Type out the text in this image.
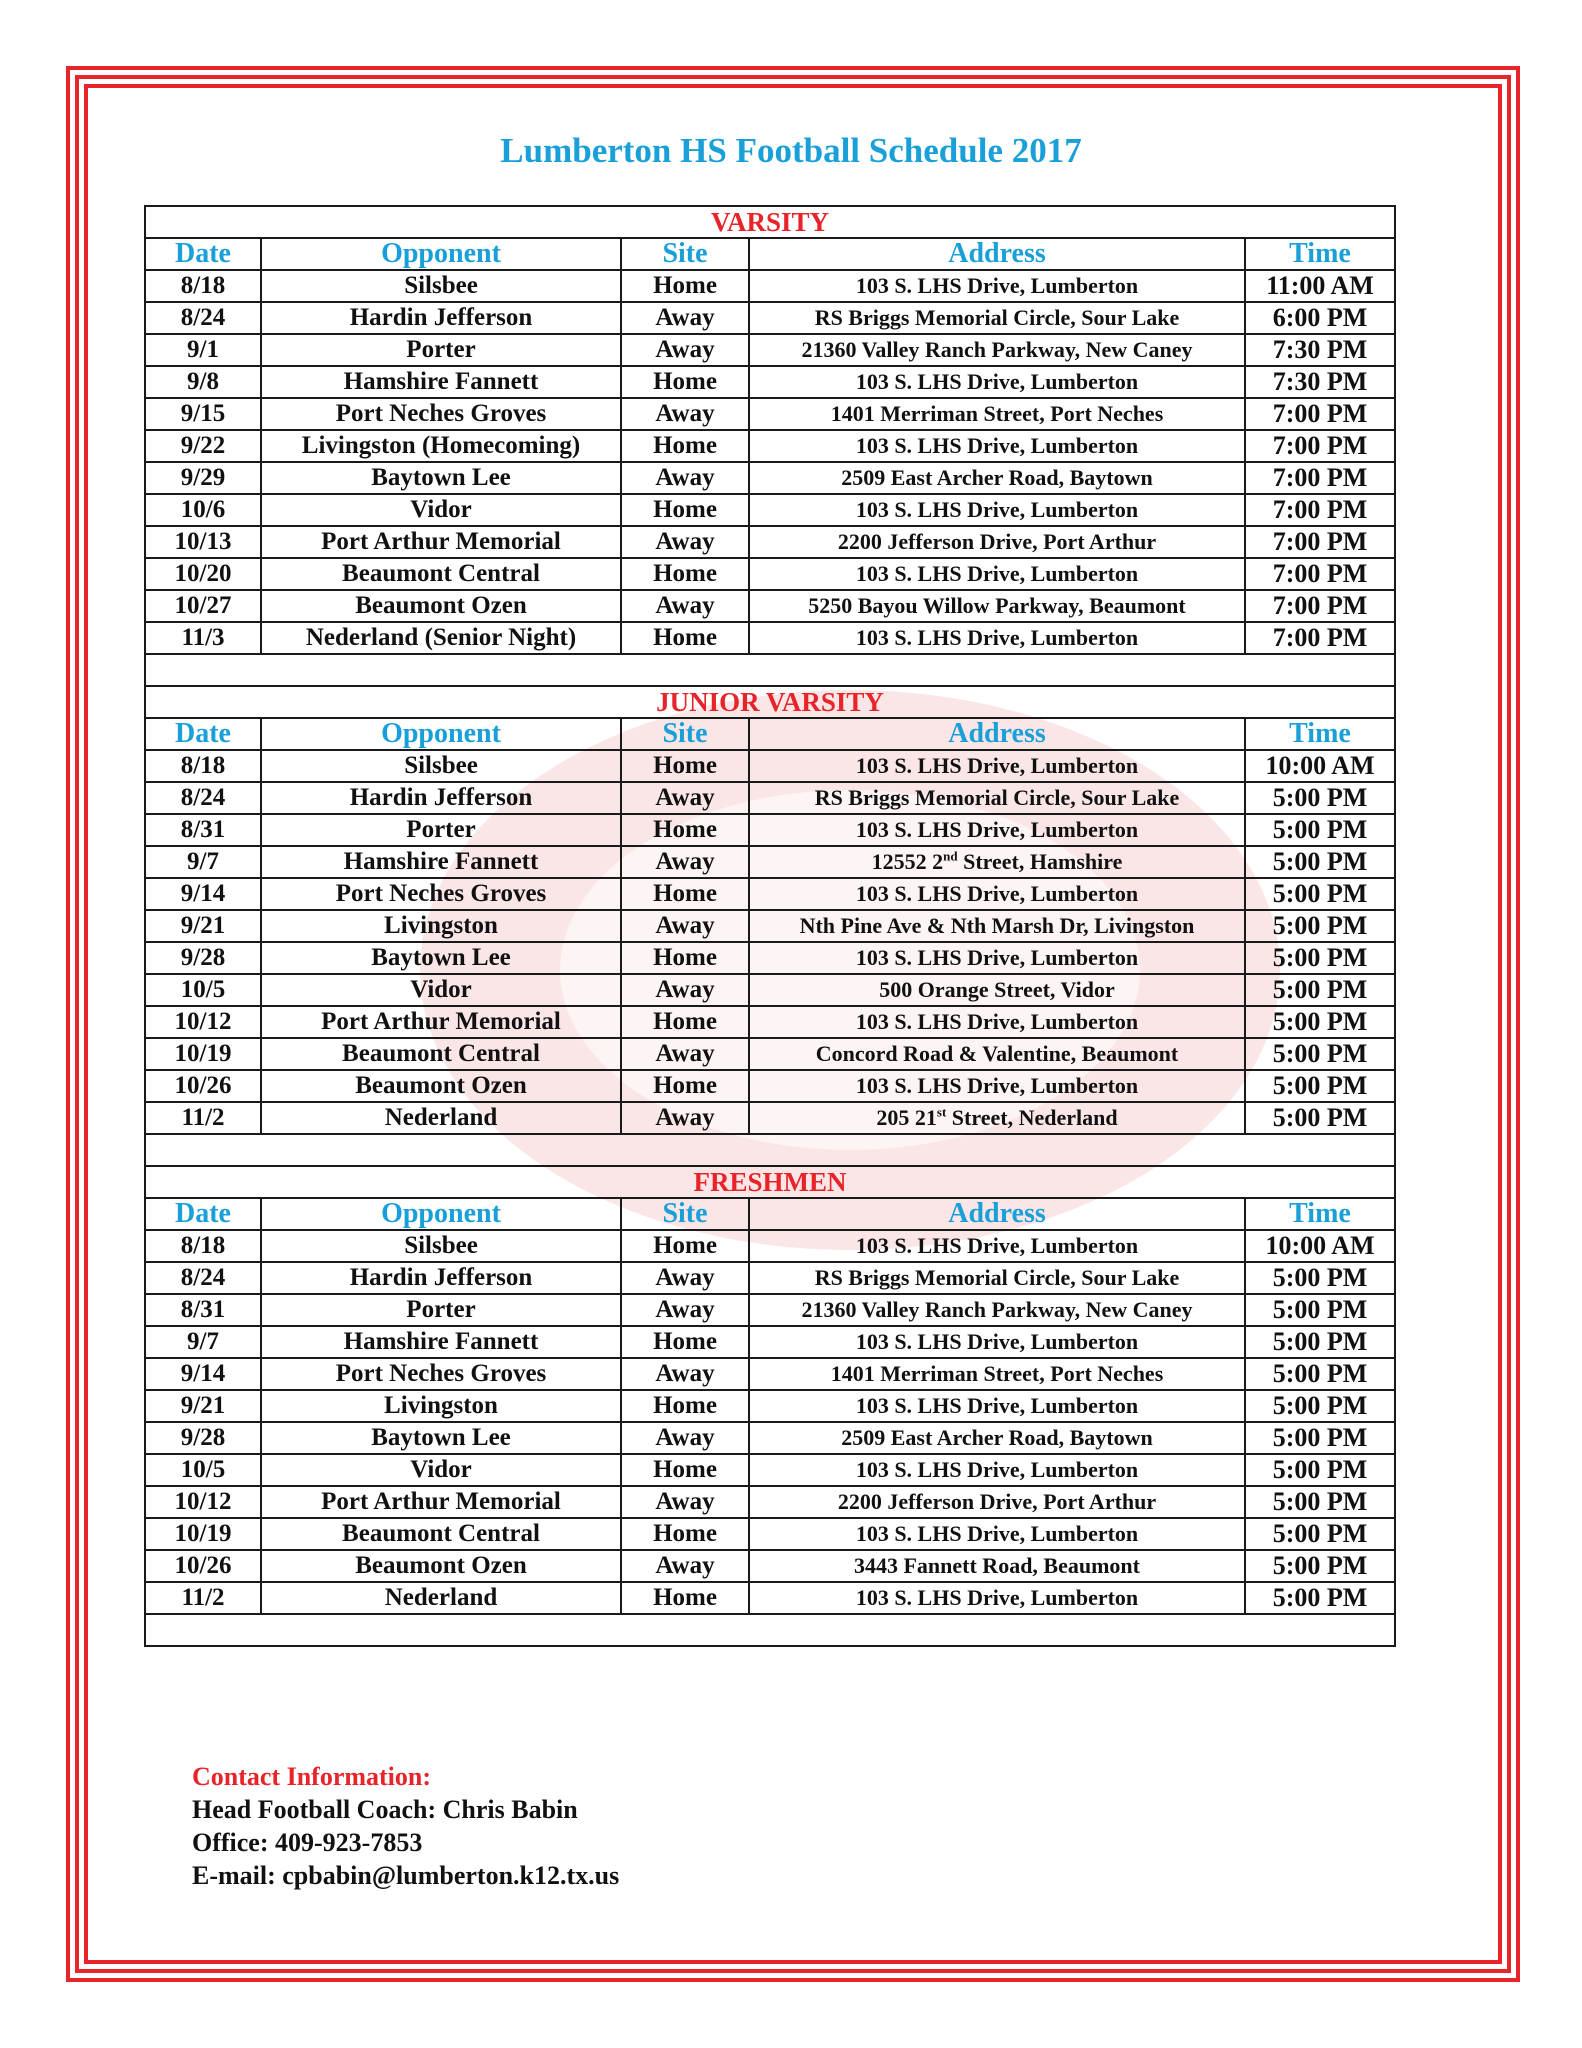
Lumberton HS Football Schedule 2017
VARSITY				
Date	Opponent	Site	Address	Time
8/18	Silsbee	Home	103 S. LHS Drive, Lumberton	11:00 AM
8/24	Hardin Jefferson	Away	RS Briggs Memorial Circle, Sour Lake	6:00 PM
9/1	Porter	Away	21360 Valley Ranch Parkway, New Caney	7:30 PM
9/8	Hamshire Fannett	Home	103 S. LHS Drive, Lumberton	7:30 PM
9/15	Port Neches Groves	Away	1401 Merriman Street, Port Neches	7:00 PM
9/22	Livingston (Homecoming)	Home	103 S. LHS Drive, Lumberton	7:00 PM
9/29	Baytown Lee	Away	2509 East Archer Road, Baytown	7:00 PM
10/6	Vidor	Home	103 S. LHS Drive, Lumberton	7:00 PM
10/13	Port Arthur Memorial	Away	2200 Jefferson Drive, Port Arthur	7:00 PM
10/20	Beaumont Central	Home	103 S. LHS Drive, Lumberton	7:00 PM
10/27	Beaumont Ozen	Away	5250 Bayou Willow Parkway, Beaumont	7:00 PM
11/3	Nederland (Senior Night)	Home	103 S. LHS Drive, Lumberton	7:00 PM

JUNIOR VARSITY				
Date	Opponent	Site	Address	Time
8/18	Silsbee	Home	103 S. LHS Drive, Lumberton	10:00 AM
8/24	Hardin Jefferson	Away	RS Briggs Memorial Circle, Sour Lake	5:00 PM
8/31	Porter	Home	103 S. LHS Drive, Lumberton	5:00 PM
9/7	Hamshire Fannett	Away	12552 2nd Street, Hamshire	5:00 PM
9/14	Port Neches Groves	Home	103 S. LHS Drive, Lumberton	5:00 PM
9/21	Livingston	Away	Nth Pine Ave & Nth Marsh Dr, Livingston	5:00 PM
9/28	Baytown Lee	Home	103 S. LHS Drive, Lumberton	5:00 PM
10/5	Vidor	Away	500 Orange Street, Vidor	5:00 PM
10/12	Port Arthur Memorial	Home	103 S. LHS Drive, Lumberton	5:00 PM
10/19	Beaumont Central	Away	Concord Road & Valentine, Beaumont	5:00 PM
10/26	Beaumont Ozen	Home	103 S. LHS Drive, Lumberton	5:00 PM
11/2	Nederland	Away	205 21st Street, Nederland	5:00 PM

FRESHMEN				
Date	Opponent	Site	Address	Time
8/18	Silsbee	Home	103 S. LHS Drive, Lumberton	10:00 AM
8/24	Hardin Jefferson	Away	RS Briggs Memorial Circle, Sour Lake	5:00 PM
8/31	Porter	Away	21360 Valley Ranch Parkway, New Caney	5:00 PM
9/7	Hamshire Fannett	Home	103 S. LHS Drive, Lumberton	5:00 PM
9/14	Port Neches Groves	Away	1401 Merriman Street, Port Neches	5:00 PM
9/21	Livingston	Home	103 S. LHS Drive, Lumberton	5:00 PM
9/28	Baytown Lee	Away	2509 East Archer Road, Baytown	5:00 PM
10/5	Vidor	Home	103 S. LHS Drive, Lumberton	5:00 PM
10/12	Port Arthur Memorial	Away	2200 Jefferson Drive, Port Arthur	5:00 PM
10/19	Beaumont Central	Home	103 S. LHS Drive, Lumberton	5:00 PM
10/26	Beaumont Ozen	Away	3443 Fannett Road, Beaumont	5:00 PM
11/2	Nederland	Home	103 S. LHS Drive, Lumberton	5:00 PM

Contact Information:
Head Football Coach: Chris Babin
Office: 409-923-7853
E-mail: cpbabin@lumberton.k12.tx.us
